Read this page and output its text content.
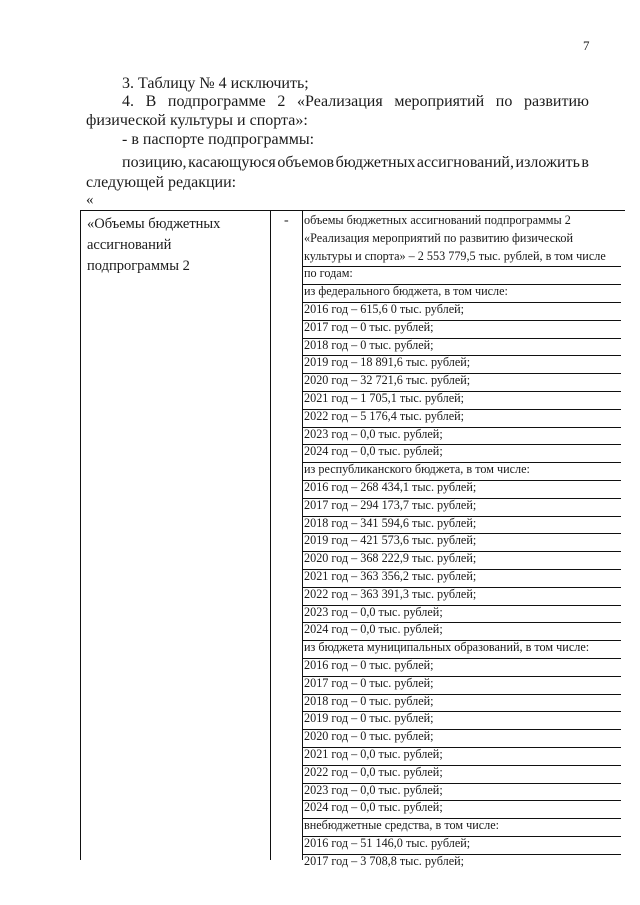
7
3. Таблицу № 4 исключить;
4. В подпрограмме 2 «Реализация мероприятий по развитию
физической культуры и спорта»:
- в паспорте подпрограммы:
позицию, касающуюся объемов бюджетных ассигнований, изложить в
следующей редакции:
«
«Объемы бюджетных
ассигнований
подпрограммы 2
- объемы бюджетных ассигнований подпрограммы 2
«Реализация мероприятий по развитию физической
культуры и спорта» – 2 553 779,5 тыс. рублей, в том числе
по годам:
из федерального бюджета, в том числе:
2016 год – 615,6 0 тыс. рублей;
2017 год – 0 тыс. рублей;
2018 год – 0 тыс. рублей;
2019 год – 18 891,6 тыс. рублей;
2020 год – 32 721,6 тыс. рублей;
2021 год – 1 705,1 тыс. рублей;
2022 год – 5 176,4 тыс. рублей;
2023 год – 0,0 тыс. рублей;
2024 год – 0,0 тыс. рублей;
из республиканского бюджета, в том числе:
2016 год – 268 434,1 тыс. рублей;
2017 год – 294 173,7 тыс. рублей;
2018 год – 341 594,6 тыс. рублей;
2019 год – 421 573,6 тыс. рублей;
2020 год – 368 222,9 тыс. рублей;
2021 год – 363 356,2 тыс. рублей;
2022 год – 363 391,3 тыс. рублей;
2023 год – 0,0 тыс. рублей;
2024 год – 0,0 тыс. рублей;
из бюджета муниципальных образований, в том числе:
2016 год – 0 тыс. рублей;
2017 год – 0 тыс. рублей;
2018 год – 0 тыс. рублей;
2019 год – 0 тыс. рублей;
2020 год – 0 тыс. рублей;
2021 год – 0,0 тыс. рублей;
2022 год – 0,0 тыс. рублей;
2023 год – 0,0 тыс. рублей;
2024 год – 0,0 тыс. рублей;
внебюджетные средства, в том числе:
2016 год – 51 146,0 тыс. рублей;
2017 год – 3 708,8 тыс. рублей;
